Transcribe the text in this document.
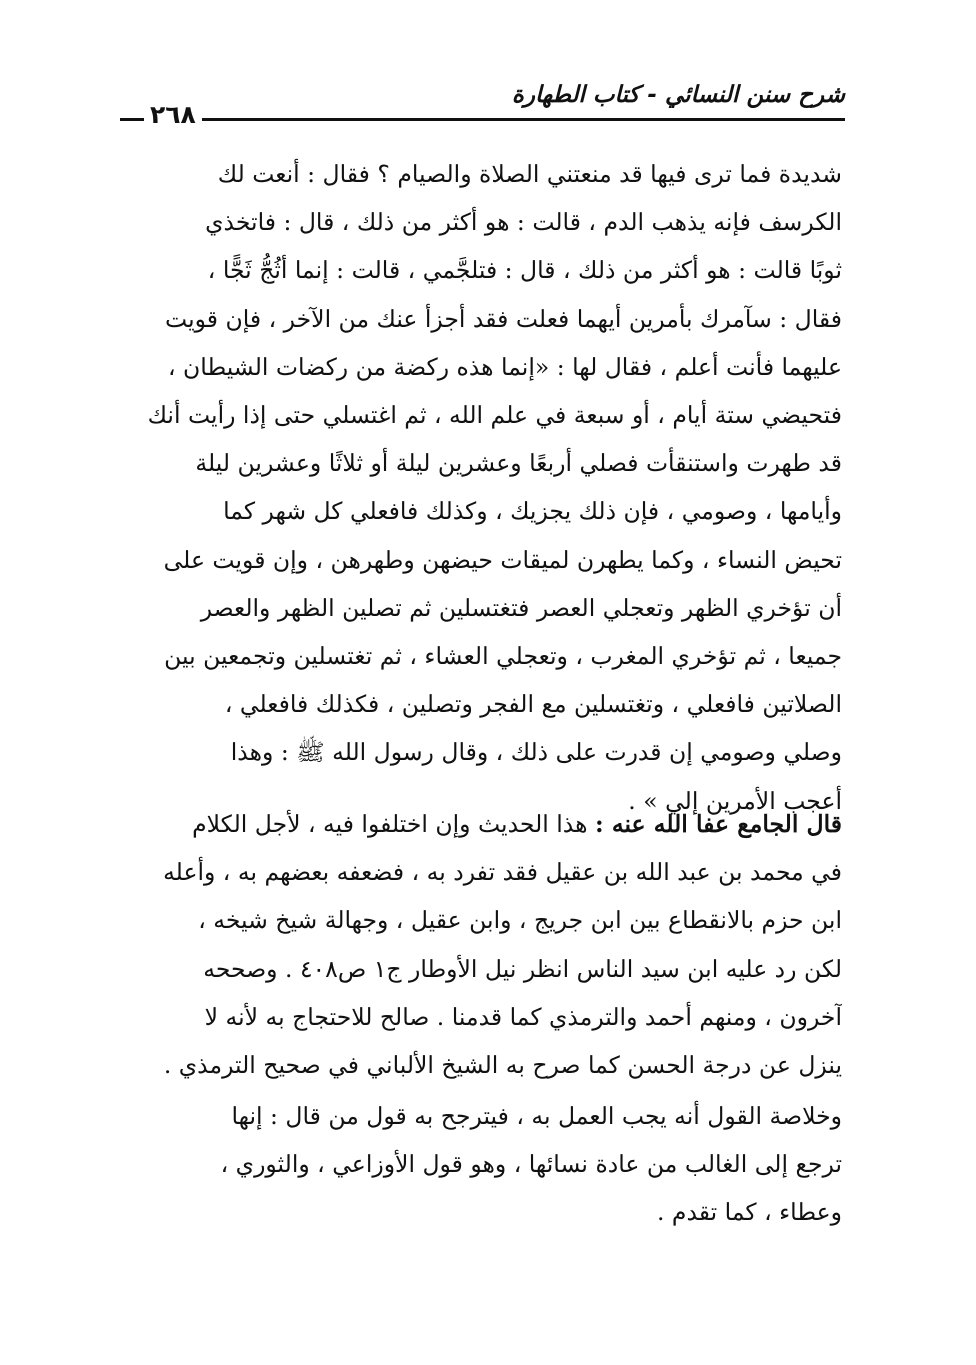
شرح سنن النسائي - كتاب الطهارة
٢٦٨
شديدة فما ترى فيها قد منعتني الصلاة والصيام ؟ فقال : أنعت لك
الكرسف فإنه يذهب الدم ، قالت : هو أكثر من ذلك ، قال : فاتخذي
ثوبًا قالت : هو أكثر من ذلك ، قال : فتلجَّمي ، قالت : إنما أثُجُّ ثَجًّا ،
فقال : سآمرك بأمرين أيهما فعلت فقد أجزأ عنك من الآخر ، فإن قويت
عليهما فأنت أعلم ، فقال لها : «إنما هذه ركضة من ركضات الشيطان ،
فتحيضي ستة أيام ، أو سبعة في علم الله ، ثم اغتسلي حتى إذا رأيت أنك
قد طهرت واستنقأت فصلي أربعًا وعشرين ليلة أو ثلاثًا وعشرين ليلة
وأيامها ، وصومي ، فإن ذلك يجزيك ، وكذلك فافعلي كل شهر كما
تحيض النساء ، وكما يطهرن لميقات حيضهن وطهرهن ، وإن قويت على
أن تؤخري الظهر وتعجلي العصر فتغتسلين ثم تصلين الظهر والعصر
جميعا ، ثم تؤخري المغرب ، وتعجلي العشاء ، ثم تغتسلين وتجمعين بين
الصلاتين فافعلي ، وتغتسلين مع الفجر وتصلين ، فكذلك فافعلي ،
وصلي وصومي إن قدرت على ذلك ، وقال رسول الله ﷺ : وهذا
أعجب الأمرين إلي » .
قال الجامع عفا الله عنه : هذا الحديث وإن اختلفوا فيه ، لأجل الكلام
في محمد بن عبد الله بن عقيل فقد تفرد به ، فضعفه بعضهم به ، وأعله
ابن حزم بالانقطاع بين ابن جريج ، وابن عقيل ، وجهالة شيخ شيخه ،
لكن رد عليه ابن سيد الناس انظر نيل الأوطار ج١ ص٤٠٨ . وصححه
آخرون ، ومنهم أحمد والترمذي كما قدمنا . صالح للاحتجاج به لأنه لا
ينزل عن درجة الحسن كما صرح به الشيخ الألباني في صحيح الترمذي .
وخلاصة القول أنه يجب العمل به ، فيترجح به قول من قال : إنها
ترجع إلى الغالب من عادة نسائها ، وهو قول الأوزاعي ، والثوري ،
وعطاء ، كما تقدم .
